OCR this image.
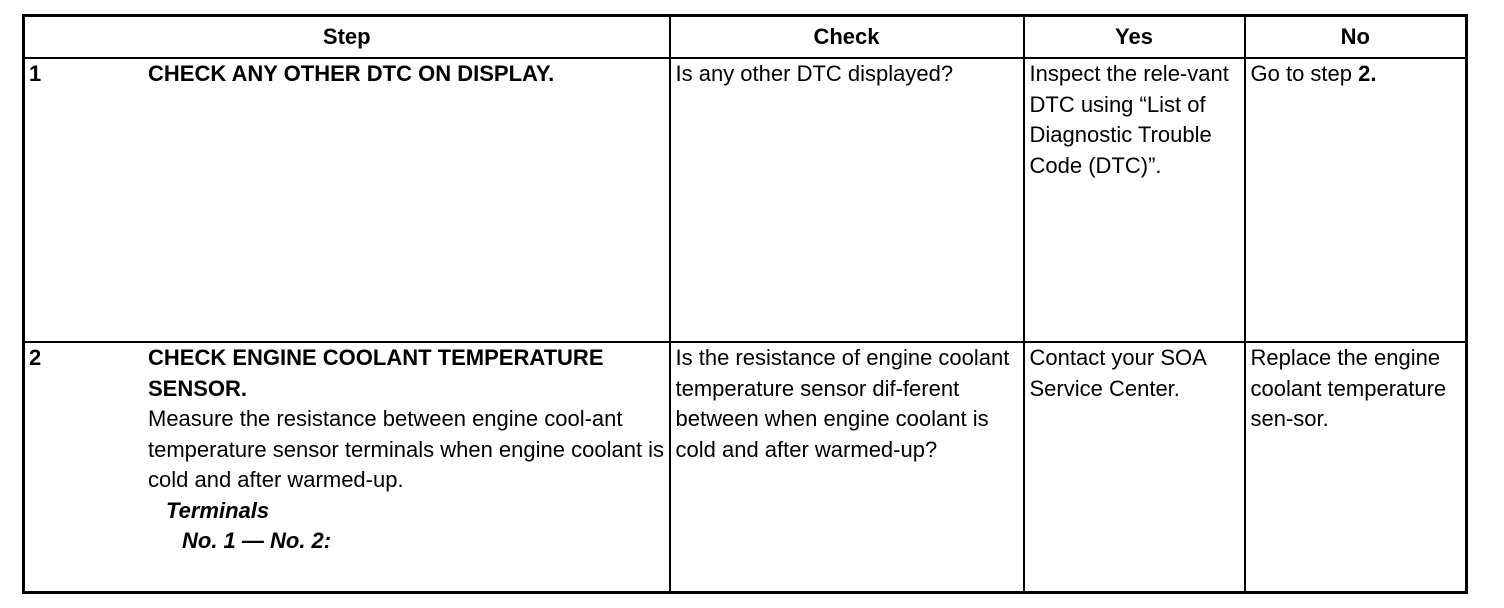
Step	Check	Yes	No

1 CHECK ANY OTHER DTC ON DISPLAY.	Is any other DTC displayed?	Inspect the rele-vant DTC using “List of Diagnostic Trouble Code (DTC)”.	Go to step 2.

2 CHECK ENGINE COOLANT TEMPERATURE SENSOR.
Measure the resistance between engine cool-ant temperature sensor terminals when engine coolant is cold and after warmed-up.
Terminals
No. 1 — No. 2:	Is the resistance of engine coolant temperature sensor dif-ferent between when engine coolant is cold and after warmed-up?	Contact your SOA Service Center.	Replace the engine coolant temperature sen-sor.
